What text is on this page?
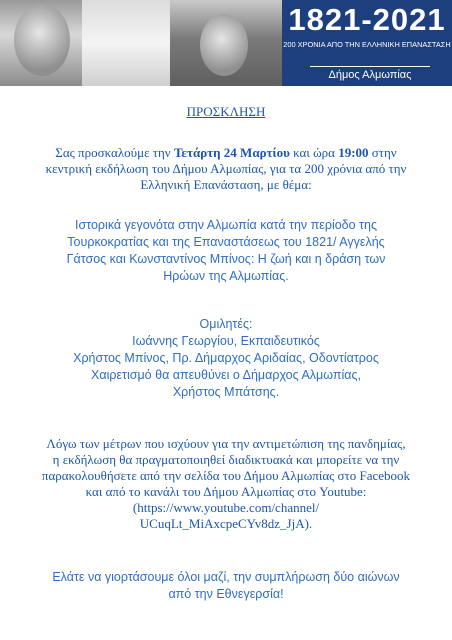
1821-2021
200 ΧΡΟΝΙΑ ΑΠΟ ΤΗΝ ΕΛΛΗΝΙΚΗ ΕΠΑΝΑΣΤΑΣΗ
Δήμος Αλμωπίας
ΠΡΟΣΚΛΗΣΗ
Σας προσκαλούμε την Τετάρτη 24 Μαρτίου και ώρα 19:00 στην
κεντρική εκδήλωση του Δήμου Αλμωπίας, για τα 200 χρόνια από την
Ελληνική Επανάσταση, με θέμα:
Ιστορικά γεγονότα στην Αλμωπία κατά την περίοδο της
Τουρκοκρατίας και της Επαναστάσεως του 1821/ Αγγελής
Γάτσος και Κωνσταντίνος Μπίνος: Η ζωή και η δράση των
Ηρώων της Αλμωπίας.
Ομιλητές:
Ιωάννης Γεωργίου, Εκπαιδευτικός
Χρήστος Μπίνος, Πρ. Δήμαρχος Αριδαίας, Οδοντίατρος
Χαιρετισμό θα απευθύνει ο Δήμαρχος Αλμωπίας,
Χρήστος Μπάτσης.
Λόγω των μέτρων που ισχύουν για την αντιμετώπιση της πανδημίας,
η εκδήλωση θα πραγματοποιηθεί διαδικτυακά και μπορείτε να την
παρακολουθήσετε από την σελίδα του Δήμου Αλμωπίας στο Facebook
και από το κανάλι του Δήμου Αλμωπίας στο Youtube:
(https://www.youtube.com/channel/
UCuqLt_MiAxcpeCYv8dz_JjA).
Ελάτε να γιορτάσουμε όλοι μαζί, την συμπλήρωση δύο αιώνων
από την Εθνεγερσία!
